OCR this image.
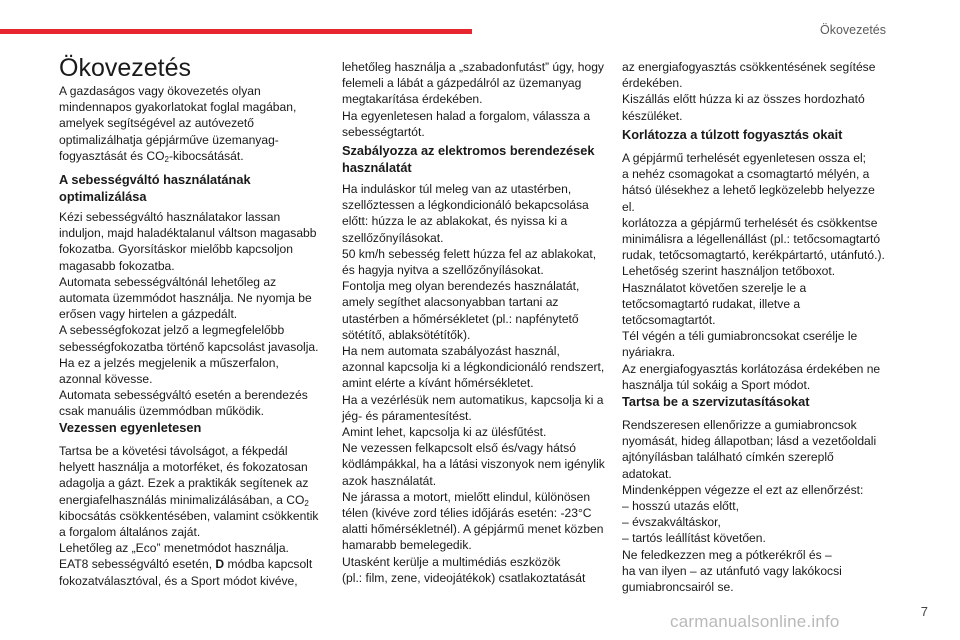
Ökovezetés
Ökovezetés

A gazdaságos vagy ökovezetés olyan
mindennapos gyakorlatokat foglal magában,
amelyek segítségével az autóvezető
optimalizálhatja gépjárműve üzemanyag-
fogyasztását és $CO_2$-kibocsátását.

A sebességváltó használatának
optimalizálása

Kézi sebességváltó használatakor lassan
induljon, majd haladéktalanul váltson magasabb
fokozatba. Gyorsításkor mielőbb kapcsoljon
magasabb fokozatba.
Automata sebességváltónál lehetőleg az
automata üzemmódot használja. Ne nyomja be
erősen vagy hirtelen a gázpedált.
A sebességfokozat jelző a legmegfelelőbb
sebességfokozatba történő kapcsolást javasolja.
Ha ez a jelzés megjelenik a műszerfalon,
azonnal kövesse.
Automata sebességváltó esetén a berendezés
csak manuális üzemmódban működik.

Vezessen egyenletesen

Tartsa be a követési távolságot, a fékpedál
helyett használja a motorféket, és fokozatosan
adagolja a gázt. Ezek a praktikák segítenek az
energiafelhasználás minimalizálásában, a $CO_2$
kibocsátás csökkentésében, valamint csökkentik
a forgalom általános zaját.
Lehetőleg az „Eco” menetmódot használja.
EAT8 sebességváltó esetén, D módba kapcsolt
fokozatválasztóval, és a Sport módot kivéve,

lehetőleg használja a „szabadonfutást” úgy, hogy
felemeli a lábát a gázpedálról az üzemanyag
megtakarítása érdekében.
Ha egyenletesen halad a forgalom, válassza a
sebességtartót.

Szabályozza az elektromos berendezések
használatát

Ha induláskor túl meleg van az utastérben,
szellőztessen a légkondicionáló bekapcsolása
előtt: húzza le az ablakokat, és nyissa ki a
szellőzőnyílásokat.
50 km/h sebesség felett húzza fel az ablakokat,
és hagyja nyitva a szellőzőnyílásokat.
Fontolja meg olyan berendezés használatát,
amely segíthet alacsonyabban tartani az
utastérben a hőmérsékletet (pl.: napfénytető
sötétítő, ablaksötétítők).
Ha nem automata szabályozást használ,
azonnal kapcsolja ki a légkondicionáló rendszert,
amint elérte a kívánt hőmérsékletet.
Ha a vezérlésük nem automatikus, kapcsolja ki a
jég- és páramentesítést.
Amint lehet, kapcsolja ki az ülésfűtést.
Ne vezessen felkapcsolt első és/vagy hátsó
ködlámpákkal, ha a látási viszonyok nem igénylik
azok használatát.
Ne járassa a motort, mielőtt elindul, különösen
télen (kivéve zord télies időjárás esetén: -23°C
alatti hőmérsékletnél). A gépjármű menet közben
hamarabb bemelegedik.
Utasként kerülje a multimédiás eszközök
(pl.: film, zene, videojátékok) csatlakoztatását

az energiafogyasztás csökkentésének segítése
érdekében.
Kiszállás előtt húzza ki az összes hordozható
készüléket.

Korlátozza a túlzott fogyasztás okait

A gépjármű terhelését egyenletesen ossza el;
a nehéz csomagokat a csomagtartó mélyén, a
hátsó ülésekhez a lehető legközelebb helyezze
el.
korlátozza a gépjármű terhelését és csökkentse
minimálisra a légellenállást (pl.: tetőcsomagtartó
rudak, tetőcsomagtartó, kerékpártartó, utánfutó.).
Lehetőség szerint használjon tetőboxot.
Használatot követően szerelje le a
tetőcsomagtartó rudakat, illetve a
tetőcsomagtartót.
Tél végén a téli gumiabroncsokat cserélje le
nyáriakra.
Az energiafogyasztás korlátozása érdekében ne
használja túl sokáig a Sport módot.

Tartsa be a szervizutasításokat

Rendszeresen ellenőrizze a gumiabroncsok
nyomását, hideg állapotban; lásd a vezetőoldali
ajtónyílásban található címkén szereplő
adatokat.
Mindenképpen végezze el ezt az ellenőrzést:
– hosszú utazás előtt,
– évszakváltáskor,
– tartós leállítást követően.
Ne feledkezzen meg a pótkerékről és –
ha van ilyen – az utánfutó vagy lakókocsi
gumiabroncsairól se.

7
carmanualsonline.info
